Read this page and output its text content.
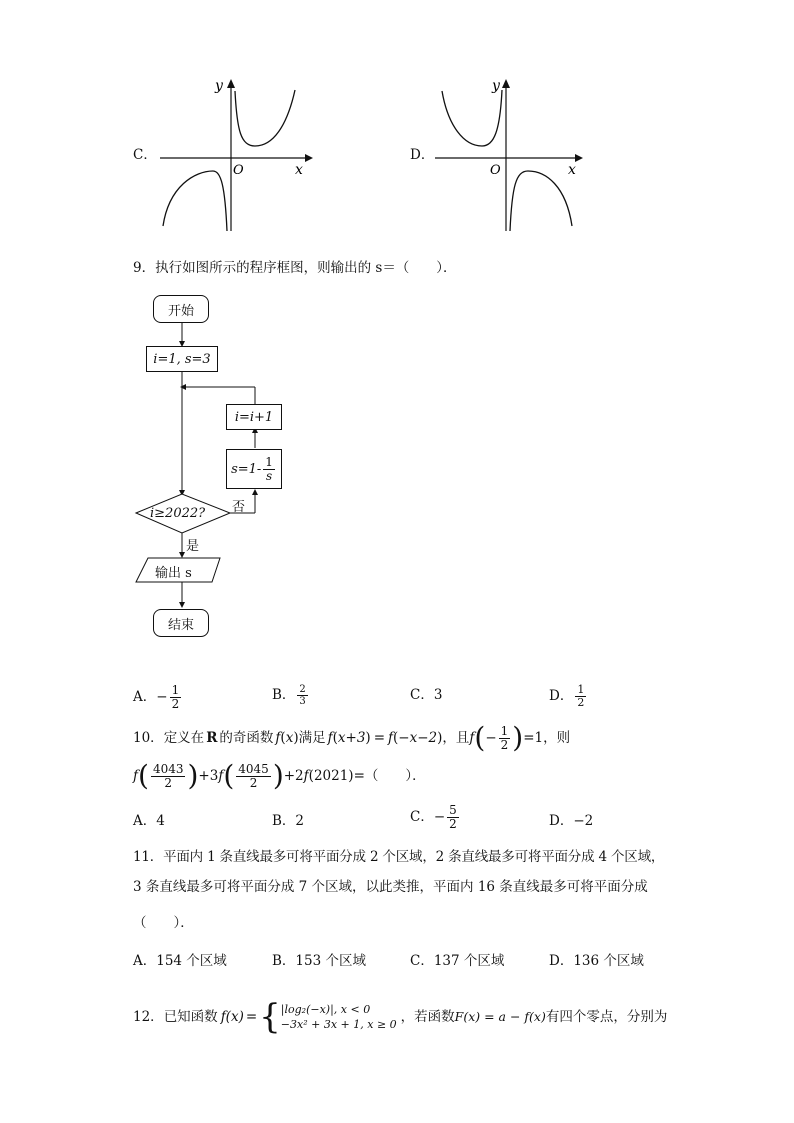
C．
y
x
O
D．
y
x
O
9．执行如图所示的程序框图，则输出的 s＝（　　）．
开始
i=1, s=3
i=i+1
$s=1- \frac{1}{s}$
i≥2022? 否
是
输出 s
结束
A．− $\frac{1}{2}$	B． $\frac{2}{3}$	C．3	D． $\frac{1}{2}$
10． 定义在 R 的奇函数 f ( x ) 满足 f ( x+3 ) = f ( −x−2 ) ，且 f ( − $\frac{1}{2}$ ) =1，则
f ( $\frac{4043}{2}$ ) +3 f ( $\frac{4045}{2}$ ) +2 f ( 2021 ) =（　　）．
A．4	B．2	C．− $\frac{5}{2}$	D．−2
11．平面内 1 条直线最多可将平面分成 2 个区域，2 条直线最多可将平面分成 4 个区域，
3 条直线最多可将平面分成 7 个区域，以此类推，平面内 16 条直线最多可将平面分成
（　　）．
A．154 个区域	B．153 个区域	C．137 个区域	D．136 个区域
12． 已知函数 f(x) = { |log₂(−x)|, x < 0
−3x² + 3x + 1, x ≥ 0 ，若函数 F(x) = a − f(x) 有四个零点，分别为
